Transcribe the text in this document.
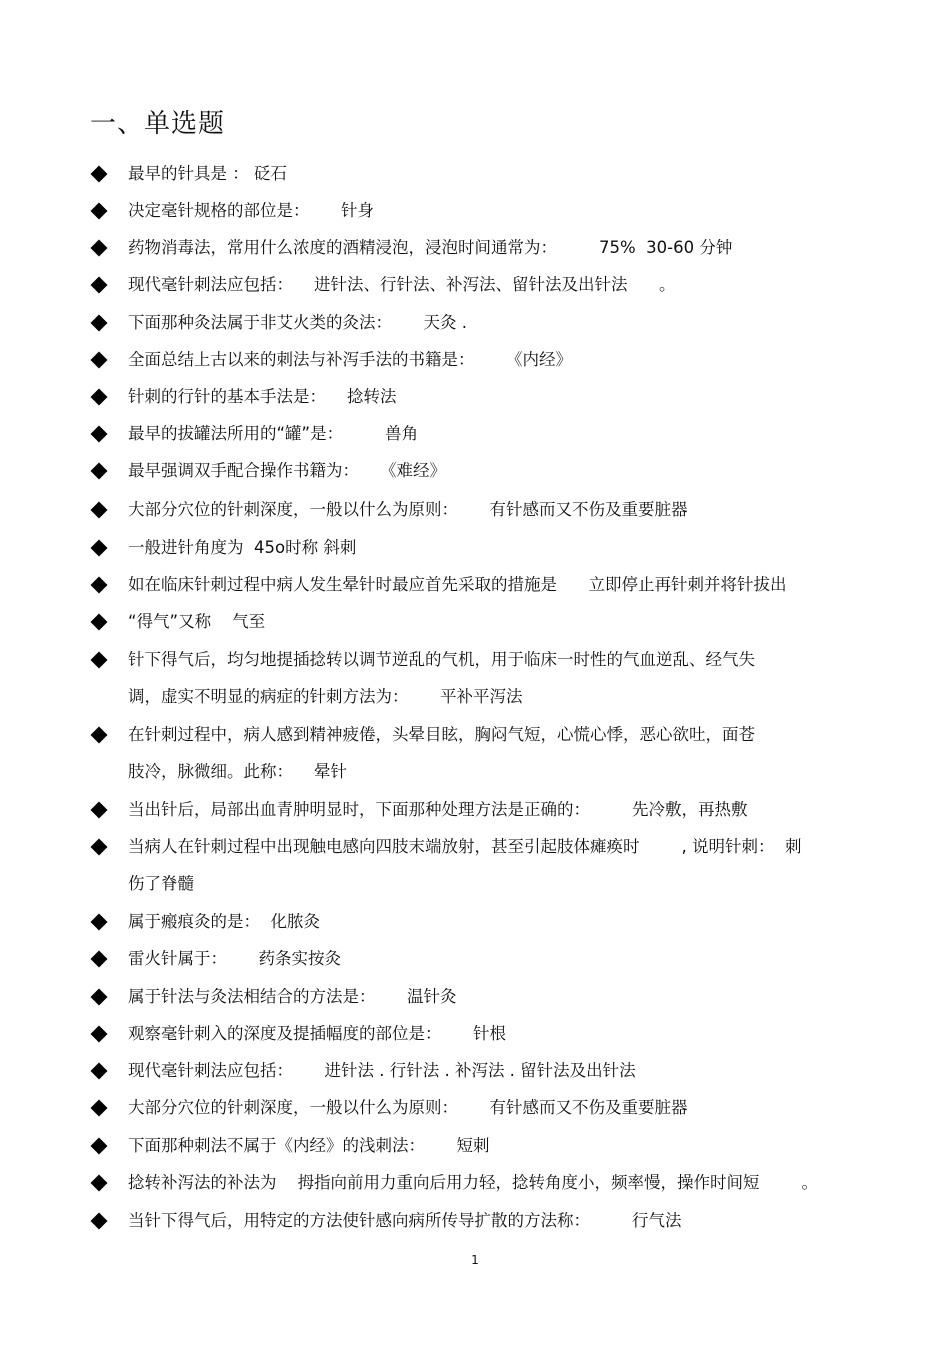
一、单选题
最早的针具是 ： 砭石
决定毫针规格的部位是：      针身
药物消毒法，常用什么浓度的酒精浸泡，浸泡时间通常为：        75%  30-60 分钟
现代毫针刺法应包括：    进针法、行针法、补泻法、留针法及出针法      。
下面那种灸法属于非艾火类的灸法：      天灸 .
全面总结上古以来的刺法与补泻手法的书籍是：      《内经》
针刺的行针的基本手法是：    捻转法
最早的拔罐法所用的“罐”是：        兽角
最早强调双手配合操作书籍为：    《难经》
大部分穴位的针刺深度，一般以什么为原则：      有针感而又不伤及重要脏器
一般进针角度为  45o时称 斜刺
如在临床针刺过程中病人发生晕针时最应首先采取的措施是      立即停止再针刺并将针拔出
“得气”又称    气至
针下得气后，均匀地提插捻转以调节逆乱的气机，用于临床一时性的气血逆乱、经气失
调，虚实不明显的病症的针刺方法为：      平补平泻法
在针刺过程中，病人感到精神疲倦，头晕目眩，胸闷气短，心慌心悸，恶心欲吐，面苍
肢冷，脉微细。此称：    晕针
当出针后，局部出血青肿明显时，下面那种处理方法是正确的：        先冷敷，再热敷
当病人在针刺过程中出现触电感向四肢末端放射，甚至引起肢体瘫痪时        , 说明针刺：  刺
伤了脊髓
属于瘢痕灸的是：  化脓灸
雷火针属于：      药条实按灸
属于针法与灸法相结合的方法是：      温针灸
观察毫针刺入的深度及提插幅度的部位是：      针根
现代毫针刺法应包括：      进针法 . 行针法 . 补泻法 . 留针法及出针法
大部分穴位的针刺深度，一般以什么为原则：      有针感而又不伤及重要脏器
下面那种刺法不属于《内经》的浅刺法：      短刺
捻转补泻法的补法为    拇指向前用力重向后用力轻，捻转角度小，频率慢，操作时间短        。
当针下得气后，用特定的方法使针感向病所传导扩散的方法称：        行气法
1
